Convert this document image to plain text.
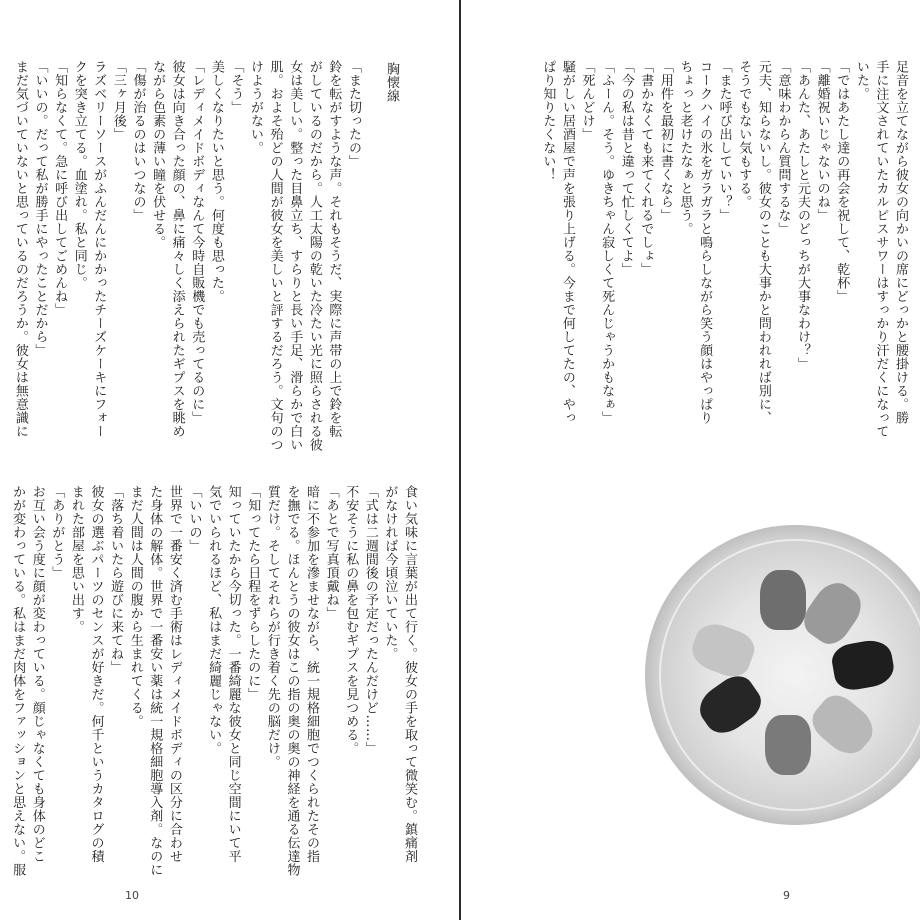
胸懐線

「また切ったの」

鈴を転がすような声。それもそうだ、実際に声帯の上で鈴を転

がしているのだから。人工太陽の乾いた冷たい光に照らされる彼

女は美しい。整った目鼻立ち、すらりと長い手足、滑らかで白い

肌。およそ殆どの人間が彼女を美しいと評するだろう。文句のつ

けようがない。

「そう」

美しくなりたいと思う。何度も思った。

「レディメイドボディなんて今時自販機でも売ってるのに」

彼女は向き合った顔の、鼻に痛々しく添えられたギプスを眺め

ながら色素の薄い瞳を伏せる。

「傷が治るのはいつなの」

「三ヶ月後」

ラズベリーソースがふんだんにかかったチーズケーキにフォー

クを突き立てる。血塗れ。私と同じ。

「知らなくて。急に呼び出してごめんね」

「いいの。だって私が勝手にやったことだから」

まだ気づいていないと思っているのだろうか。彼女は無意識に

食い気味に言葉が出て行く。彼女の手を取って微笑む。鎮痛剤

がなければ今頃泣いていた。

「式は二週間後の予定だったんだけど……」

不安そうに私の鼻を包むギプスを見つめる。

「あとで写真頂戴ね」

暗に不参加を滲ませながら、統一規格細胞でつくられたその指

を撫でる。ほんとうの彼女はこの指の奥の奥の神経を通る伝達物

質だけ。そしてそれらが行き着く先の脳だけ。

「知ってたら日程をずらしたのに」

知っていたから今切った。一番綺麗な彼女と同じ空間にいて平

気でいられるほど、私はまだ綺麗じゃない。

「いいの」

世界で一番安く済む手術はレディメイドボディの区分に合わせ

た身体の解体。世界で一番安い薬は統一規格細胞導入剤。なのに

まだ人間は人間の腹から生まれてくる。

「落ち着いたら遊びに来てね」

彼女の選ぶパーツのセンスが好きだ。何千というカタログの積

まれた部屋を思い出す。

「ありがとう」

お互い会う度に顔が変わっている。顔じゃなくても身体のどこ

かが変わっている。私はまだ肉体をファッションと思えない。服

10

足音を立てながら彼女の向かいの席にどっかと腰掛ける。勝

手に注文されていたカルピスサワーはすっかり汗だくになって

いた。

「ではあたし達の再会を祝して、乾杯」

「離婚祝いじゃないのね」

「あんた、あたしと元夫のどっちが大事なわけ？」

「意味わからん質問するな」

元夫、知らないし。彼女のことも大事かと問われれば別に、

そうでもない気もする。

「また呼び出していい？」

コークハイの氷をガラガラと鳴らしながら笑う顔はやっぱり

ちょっと老けたなぁと思う。

「用件を最初に書くなら」

「書かなくても来てくれるでしょ」

「今の私は昔と違って忙しくてよ」

「ふーん。そう。ゆきちゃん寂しくて死んじゃうかもなぁ」

「死んどけ」

騒がしい居酒屋で声を張り上げる。今まで何してたの、やっ

ぱり知りたくない！

9
